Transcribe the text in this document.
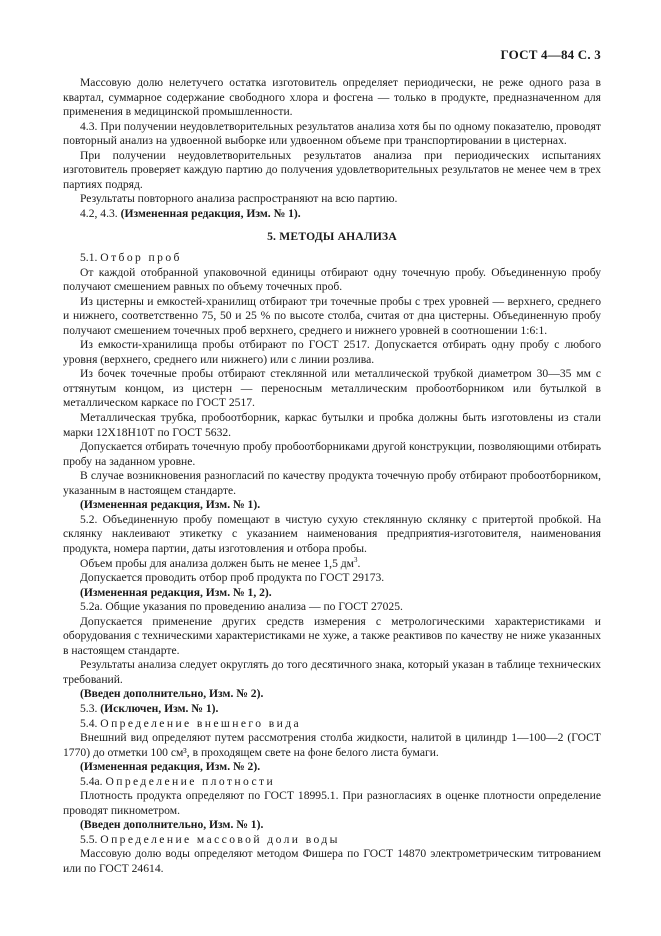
ГОСТ 4—84 С. 3

Массовую долю нелетучего остатка изготовитель определяет периодически, не реже одного раза в квартал, суммарное содержание свободного хлора и фосгена — только в продукте, предназначенном для применения в медицинской промышленности.

4.3. При получении неудовлетворительных результатов анализа хотя бы по одному показателю, проводят повторный анализ на удвоенной выборке или удвоенном объеме при транспортировании в цистернах.

При получении неудовлетворительных результатов анализа при периодических испытаниях изготовитель проверяет каждую партию до получения удовлетворительных результатов не менее чем в трех партиях подряд.

Результаты повторного анализа распространяют на всю партию.

4.2, 4.3. (Измененная редакция, Изм. № 1).

5. МЕТОДЫ АНАЛИЗА

5.1. Отбор проб

От каждой отобранной упаковочной единицы отбирают одну точечную пробу. Объединенную пробу получают смешением равных по объему точечных проб.

Из цистерны и емкостей-хранилищ отбирают три точечные пробы с трех уровней — верхнего, среднего и нижнего, соответственно 75, 50 и 25 % по высоте столба, считая от дна цистерны. Объединенную пробу получают смешением точечных проб верхнего, среднего и нижнего уровней в соотношении 1:6:1.

Из емкости-хранилища пробы отбирают по ГОСТ 2517. Допускается отбирать одну пробу с любого уровня (верхнего, среднего или нижнего) или с линии розлива.

Из бочек точечные пробы отбирают стеклянной или металлической трубкой диаметром 30—35 мм с оттянутым концом, из цистерн — переносным металлическим пробоотборником или бутылкой в металлическом каркасе по ГОСТ 2517.

Металлическая трубка, пробоотборник, каркас бутылки и пробка должны быть изготовлены из стали марки 12Х18Н10Т по ГОСТ 5632.

Допускается отбирать точечную пробу пробоотборниками другой конструкции, позволяющими отбирать пробу на заданном уровне.

В случае возникновения разногласий по качеству продукта точечную пробу отбирают пробоотборником, указанным в настоящем стандарте.

(Измененная редакция, Изм. № 1).

5.2. Объединенную пробу помещают в чистую сухую стеклянную склянку с притертой пробкой. На склянку наклеивают этикетку с указанием наименования предприятия-изготовителя, наименования продукта, номера партии, даты изготовления и отбора пробы.

Объем пробы для анализа должен быть не менее 1,5 $дм^3$.

Допускается проводить отбор проб продукта по ГОСТ 29173.

(Измененная редакция, Изм. № 1, 2).

5.2а. Общие указания по проведению анализа — по ГОСТ 27025.

Допускается применение других средств измерения с метрологическими характеристиками и оборудования с техническими характеристиками не хуже, а также реактивов по качеству не ниже указанных в настоящем стандарте.

Результаты анализа следует округлять до того десятичного знака, который указан в таблице технических требований.

(Введен дополнительно, Изм. № 2).

5.3. (Исключен, Изм. № 1).

5.4. Определение внешнего вида

Внешний вид определяют путем рассмотрения столба жидкости, налитой в цилиндр 1—100—2 (ГОСТ 1770) до отметки 100 см³, в проходящем свете на фоне белого листа бумаги.

(Измененная редакция, Изм. № 2).

5.4а. Определение плотности

Плотность продукта определяют по ГОСТ 18995.1. При разногласиях в оценке плотности определение проводят пикнометром.

(Введен дополнительно, Изм. № 1).

5.5. Определение массовой доли воды

Массовую долю воды определяют методом Фишера по ГОСТ 14870 электрометрическим титрованием или по ГОСТ 24614.
